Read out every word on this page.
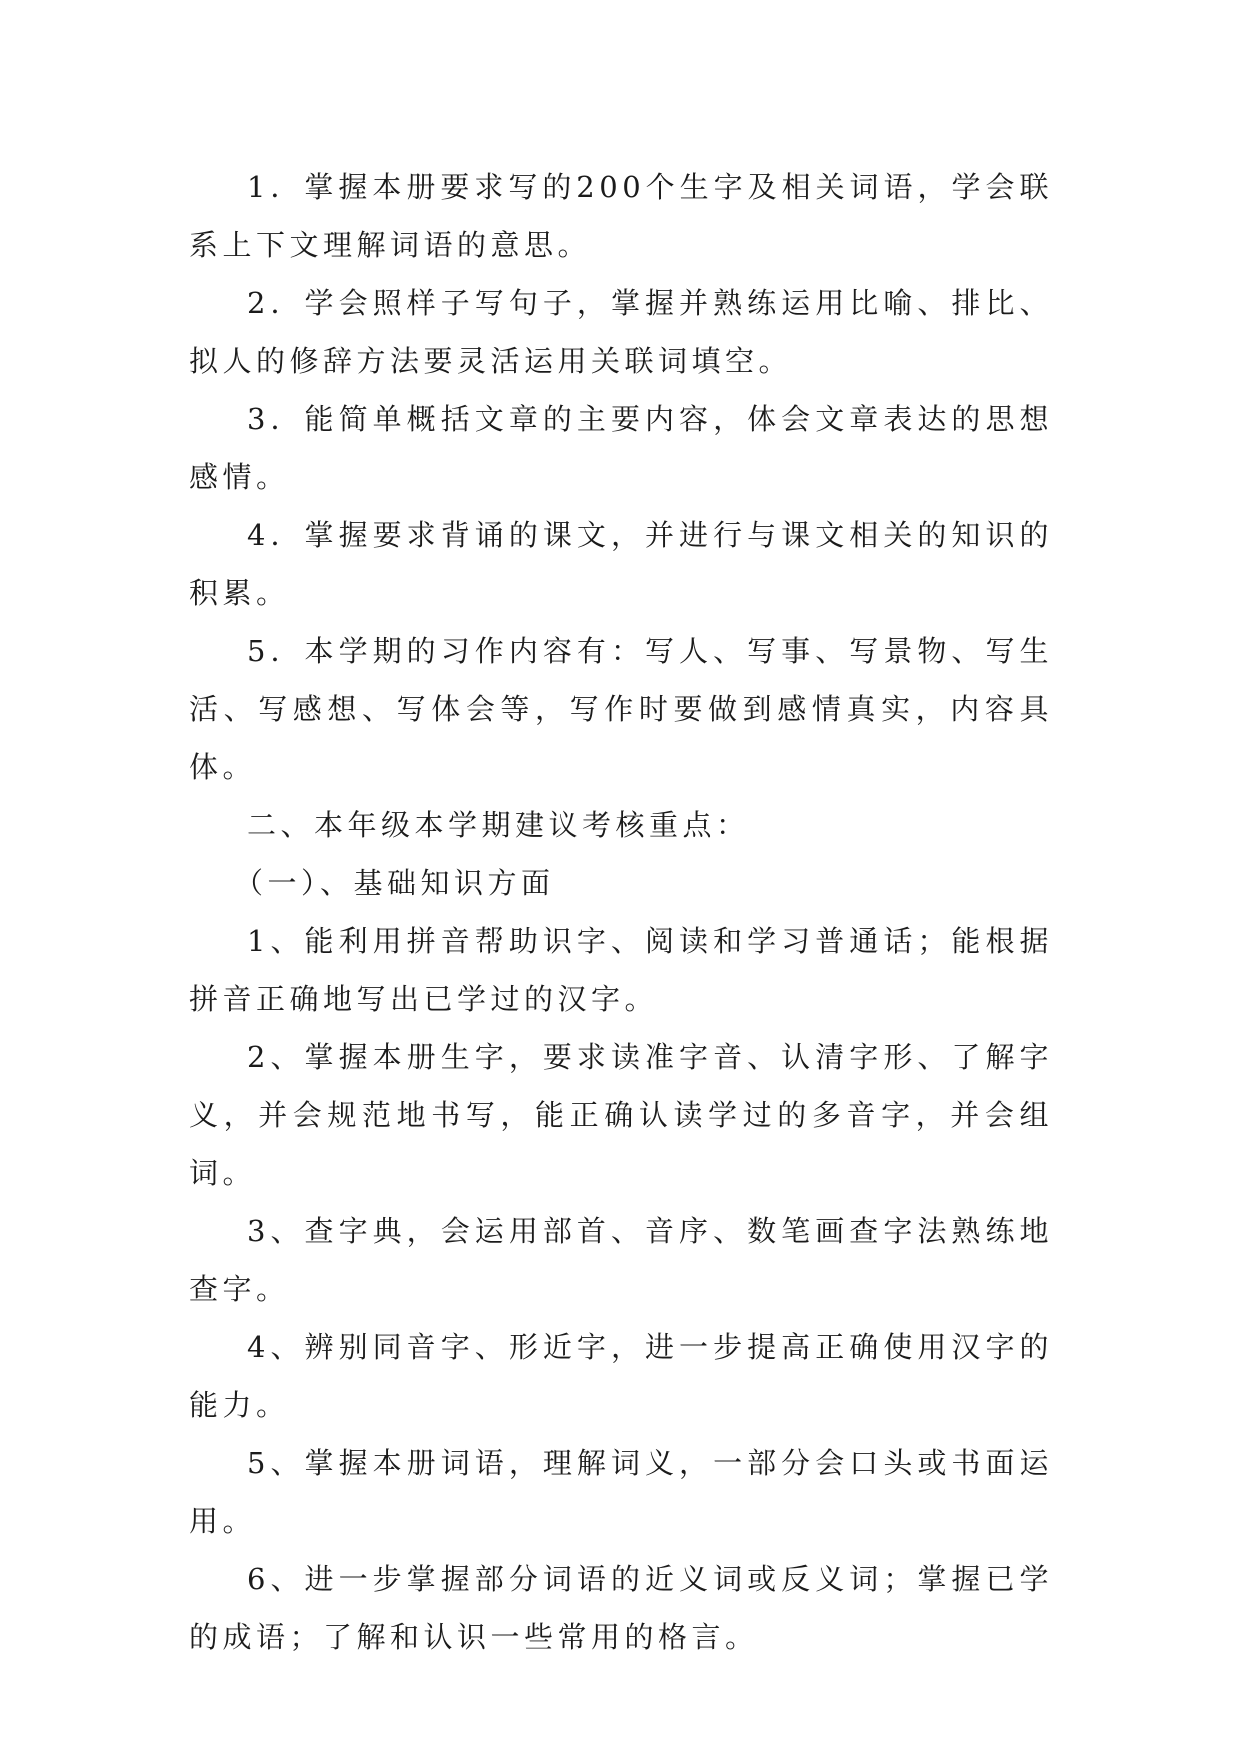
1．掌握本册要求写的200个生字及相关词语，学会联系上下文理解词语的意思。

2．学会照样子写句子，掌握并熟练运用比喻、排比、拟人的修辞方法要灵活运用关联词填空。

3．能简单概括文章的主要内容，体会文章表达的思想感情。

4．掌握要求背诵的课文，并进行与课文相关的知识的积累。

5．本学期的习作内容有：写人、写事、写景物、写生活、写感想、写体会等，写作时要做到感情真实，内容具体。

二、本年级本学期建议考核重点：

（一）、基础知识方面

1、能利用拼音帮助识字、阅读和学习普通话；能根据拼音正确地写出已学过的汉字。

2、掌握本册生字，要求读准字音、认清字形、了解字义，并会规范地书写，能正确认读学过的多音字，并会组词。

3、查字典，会运用部首、音序、数笔画查字法熟练地查字。

4、辨别同音字、形近字，进一步提高正确使用汉字的能力。

5、掌握本册词语，理解词义，一部分会口头或书面运用。

6、进一步掌握部分词语的近义词或反义词；掌握已学的成语；了解和认识一些常用的格言。
